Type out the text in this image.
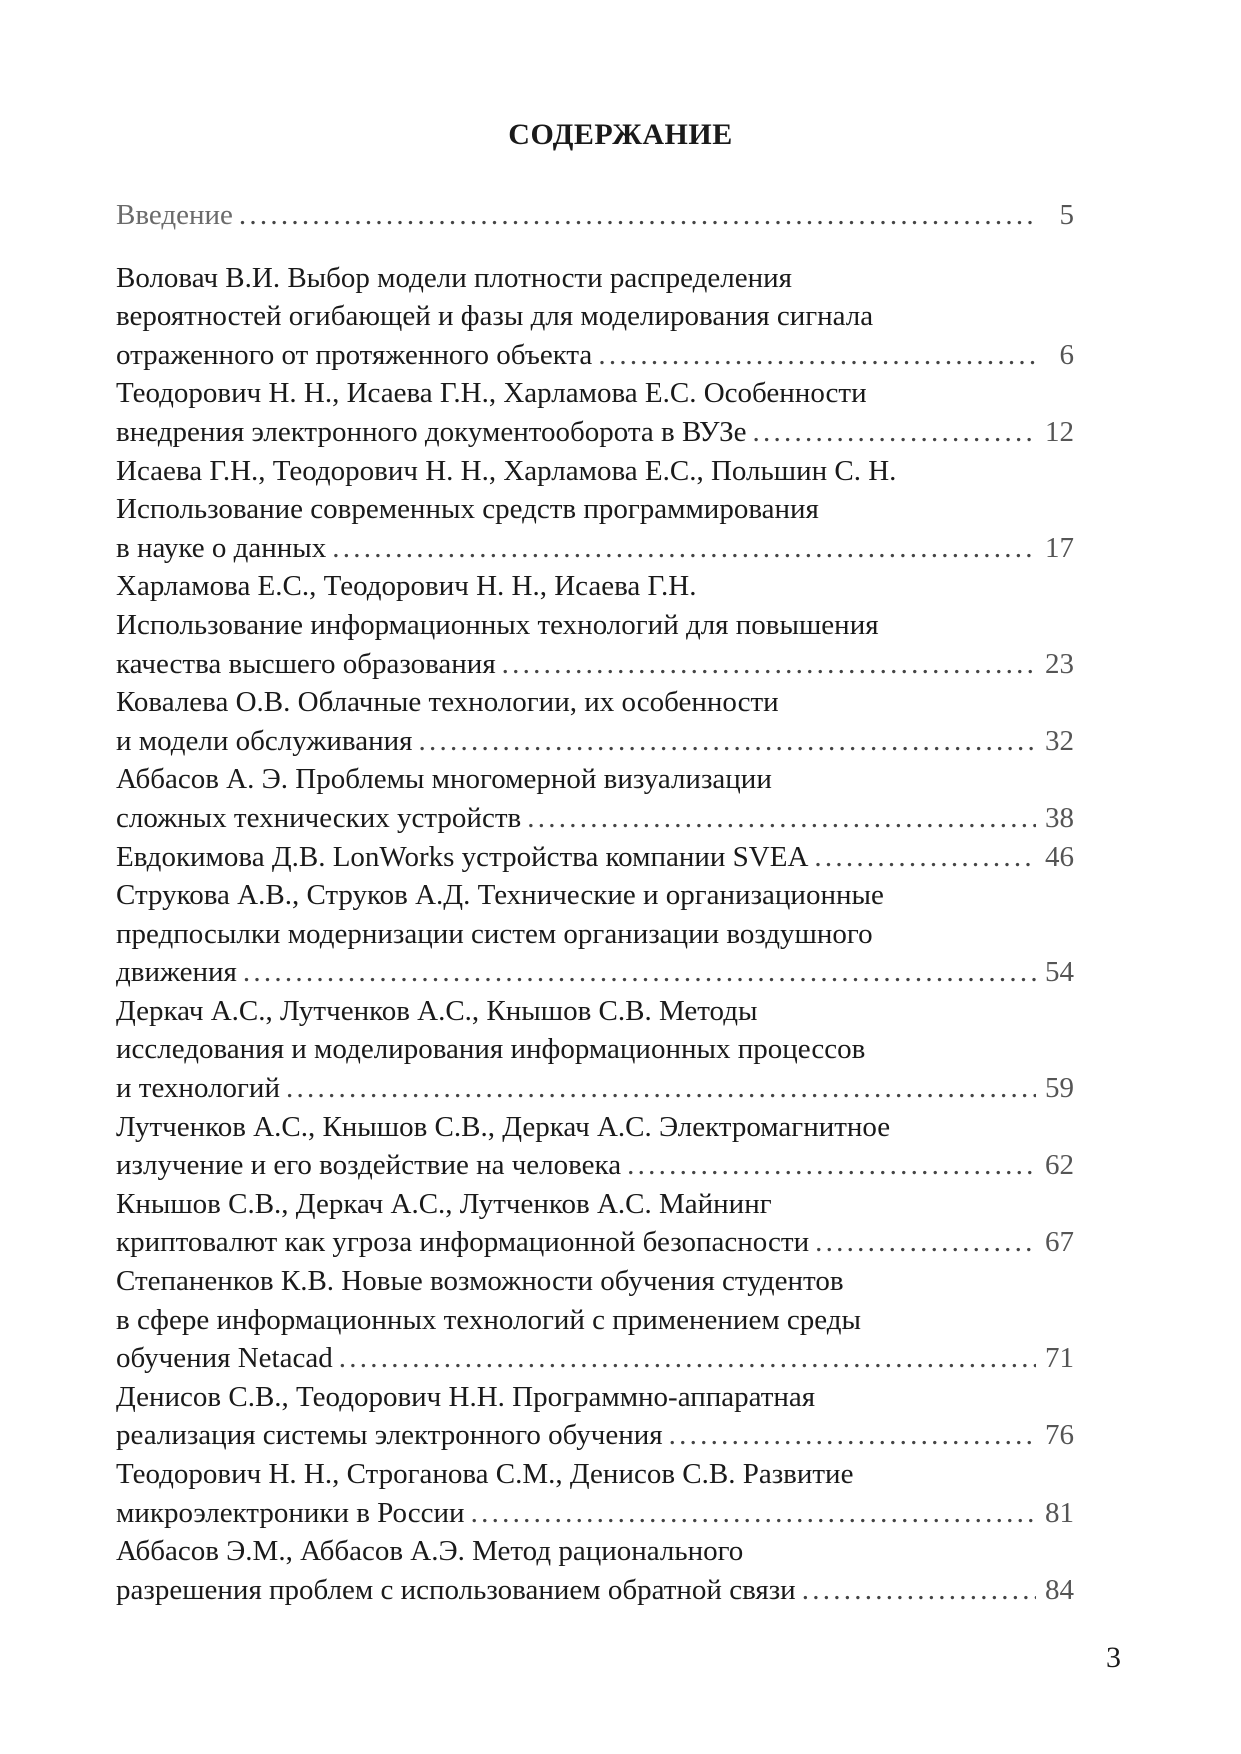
СОДЕРЖАНИЕ
Введение . . .	5
Воловач В.И. Выбор модели плотности распределения
вероятностей огибающей и фазы для моделирования сигнала
отраженного от протяженного объекта . . .	6
Теодорович Н. Н., Исаева Г.Н., Харламова Е.С. Особенности
внедрения электронного документооборота в ВУЗе . . .	12
Исаева Г.Н., Теодорович Н. Н., Харламова Е.С., Польшин С. Н.
Использование современных средств программирования
в науке о данных . . .	17
Харламова Е.С., Теодорович Н. Н., Исаева Г.Н.
Использование информационных технологий для повышения
качества высшего образования . . .	23
Ковалева О.В. Облачные технологии, их особенности
и модели обслуживания . . .	32
Аббасов А. Э. Проблемы многомерной визуализации
сложных технических устройств . . .	38
Евдокимова Д.В. LonWorks устройства компании SVEA . . .	46
Струкова А.В., Струков А.Д. Технические и организационные
предпосылки модернизации систем организации воздушного
движения . . .	54
Деркач А.С., Лутченков А.С., Кнышов С.В. Методы
исследования и моделирования информационных процессов
и технологий . . .	59
Лутченков А.С., Кнышов С.В., Деркач А.С. Электромагнитное
излучение и его воздействие на человека . . .	62
Кнышов С.В., Деркач А.С., Лутченков А.С. Майнинг
криптовалют как угроза информационной безопасности . . .	67
Степаненков К.В. Новые возможности обучения студентов
в сфере информационных технологий с применением среды
обучения Netacad . . .	71
Денисов С.В., Теодорович Н.Н. Программно-аппаратная
реализация системы электронного обучения . . .	76
Теодорович Н. Н., Строганова С.М., Денисов С.В. Развитие
микроэлектроники в России . . .	81
Аббасов Э.М., Аббасов А.Э. Метод рационального
разрешения проблем с использованием обратной связи . . .	84
3
